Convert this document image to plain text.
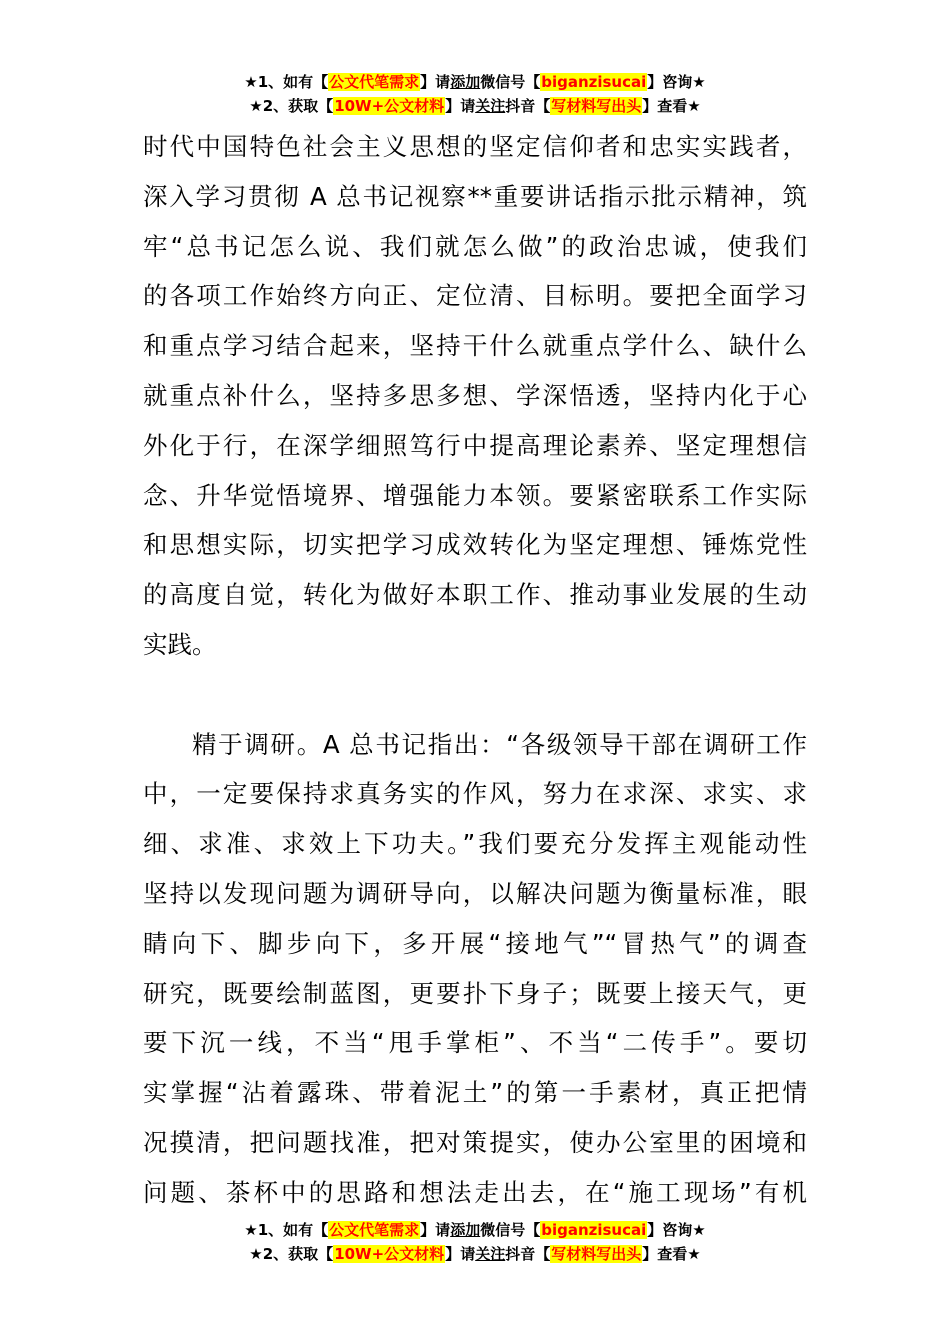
★1、如有【公文代笔需求】请添加微信号【biganzisucai】咨询★
★2、获取【10W+公文材料】请关注抖音【写材料写出头】查看★

时代中国特色社会主义思想的坚定信仰者和忠实实践者，
深入学习贯彻 A 总书记视察**重要讲话指示批示精神，筑
牢“总书记怎么说、我们就怎么做”的政治忠诚，使我们
的各项工作始终方向正、定位清、目标明。要把全面学习
和重点学习结合起来，坚持干什么就重点学什么、缺什么
就重点补什么，坚持多思多想、学深悟透，坚持内化于心
外化于行，在深学细照笃行中提高理论素养、坚定理想信
念、升华觉悟境界、增强能力本领。要紧密联系工作实际
和思想实际，切实把学习成效转化为坚定理想、锤炼党性
的高度自觉，转化为做好本职工作、推动事业发展的生动
实践。

精于调研。A 总书记指出：“各级领导干部在调研工作
中，一定要保持求真务实的作风，努力在求深、求实、求
细、求准、求效上下功夫。”我们要充分发挥主观能动性
坚持以发现问题为调研导向，以解决问题为衡量标准，眼
睛向下、脚步向下，多开展“接地气”“冒热气”的调查
研究，既要绘制蓝图，更要扑下身子；既要上接天气，更
要下沉一线，不当“甩手掌柜”、不当“二传手”。要切
实掌握“沾着露珠、带着泥土”的第一手素材，真正把情
况摸清，把问题找准，把对策提实，使办公室里的困境和
问题、茶杯中的思路和想法走出去，在“施工现场”有机

★1、如有【公文代笔需求】请添加微信号【biganzisucai】咨询★
★2、获取【10W+公文材料】请关注抖音【写材料写出头】查看★
